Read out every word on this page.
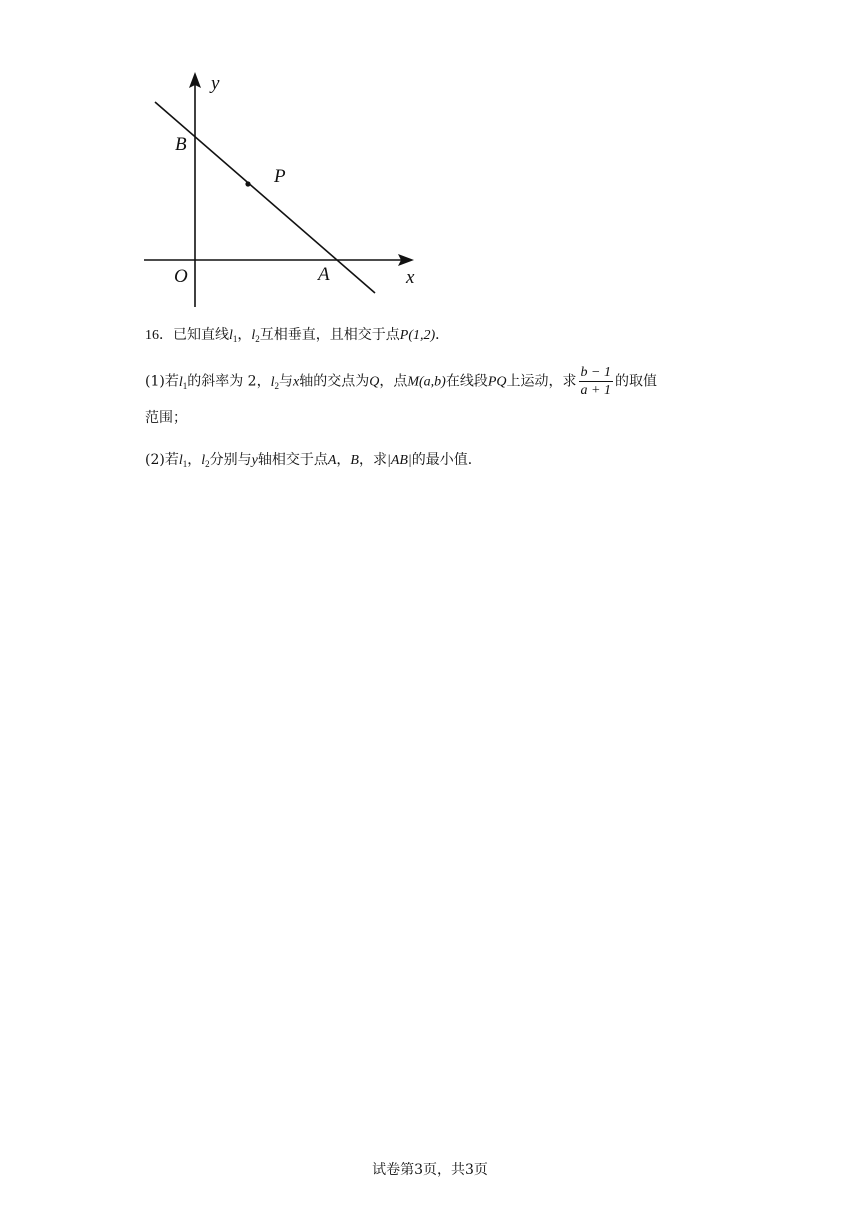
y
x
O
B
P
A
16．已知直线$l_1$，$l_2$互相垂直，且相交于点P(1,2)．
(1)若$l_1$的斜率为 2，$l_2$与x轴的交点为Q，点M(a,b)在线段PQ上运动，求 $\frac{b - 1}{a + 1}$ 的取值
范围；
(2)若$l_1$，$l_2$分别与y轴相交于点A，B，求|AB|的最小值．
试卷第3页，共3页
